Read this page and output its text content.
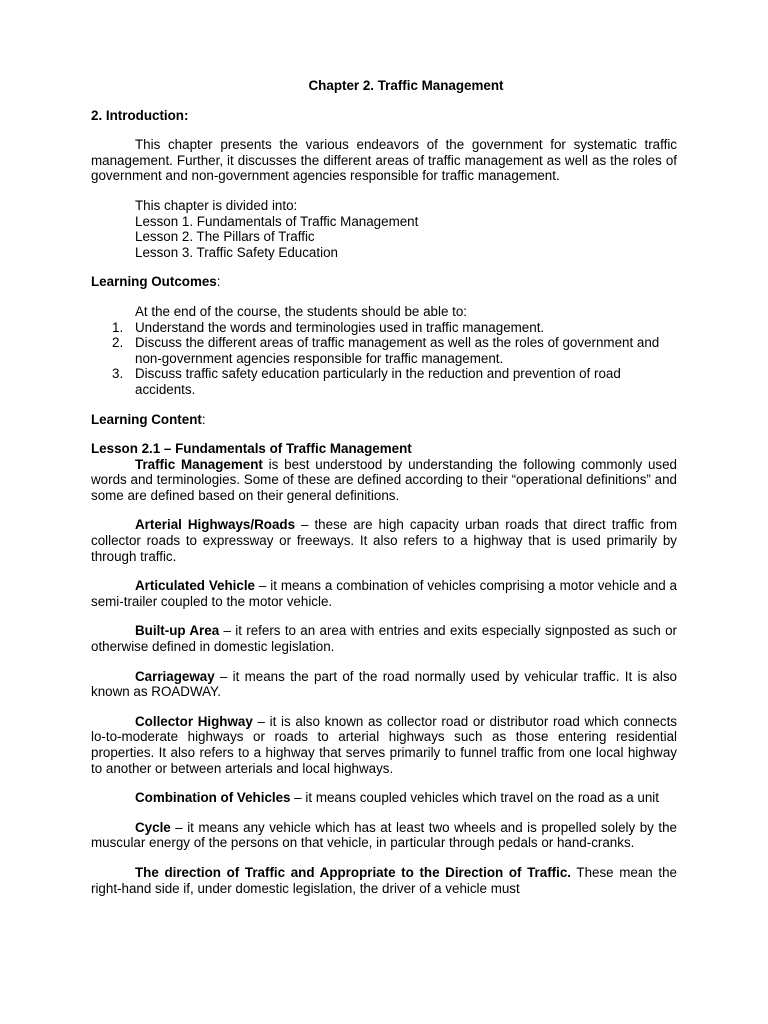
Chapter 2. Traffic Management

2. Introduction:

This chapter presents the various endeavors of the government for systematic traffic management. Further, it discusses the different areas of traffic management as well as the roles of government and non-government agencies responsible for traffic management.

This chapter is divided into:

Lesson 1. Fundamentals of Traffic Management

Lesson 2. The Pillars of Traffic

Lesson 3. Traffic Safety Education

Learning Outcomes:

At the end of the course, the students should be able to:

1. Understand the words and terminologies used in traffic management.
2. Discuss the different areas of traffic management as well as the roles of government and non-government agencies responsible for traffic management.
3. Discuss traffic safety education particularly in the reduction and prevention of road accidents.

Learning Content:

Lesson 2.1 – Fundamentals of Traffic Management

Traffic Management is best understood by understanding the following commonly used words and terminologies. Some of these are defined according to their “operational definitions” and some are defined based on their general definitions.

Arterial Highways/Roads – these are high capacity urban roads that direct traffic from collector roads to expressway or freeways. It also refers to a highway that is used primarily by through traffic.

Articulated Vehicle – it means a combination of vehicles comprising a motor vehicle and a semi-trailer coupled to the motor vehicle.

Built-up Area – it refers to an area with entries and exits especially signposted as such or otherwise defined in domestic legislation.

Carriageway – it means the part of the road normally used by vehicular traffic. It is also known as ROADWAY.

Collector Highway – it is also known as collector road or distributor road which connects lo-to-moderate highways or roads to arterial highways such as those entering residential properties. It also refers to a highway that serves primarily to funnel traffic from one local highway to another or between arterials and local highways.

Combination of Vehicles – it means coupled vehicles which travel on the road as a unit

Cycle – it means any vehicle which has at least two wheels and is propelled solely by the muscular energy of the persons on that vehicle, in particular through pedals or hand-cranks.

The direction of Traffic and Appropriate to the Direction of Traffic. These mean the right-hand side if, under domestic legislation, the driver of a vehicle must
